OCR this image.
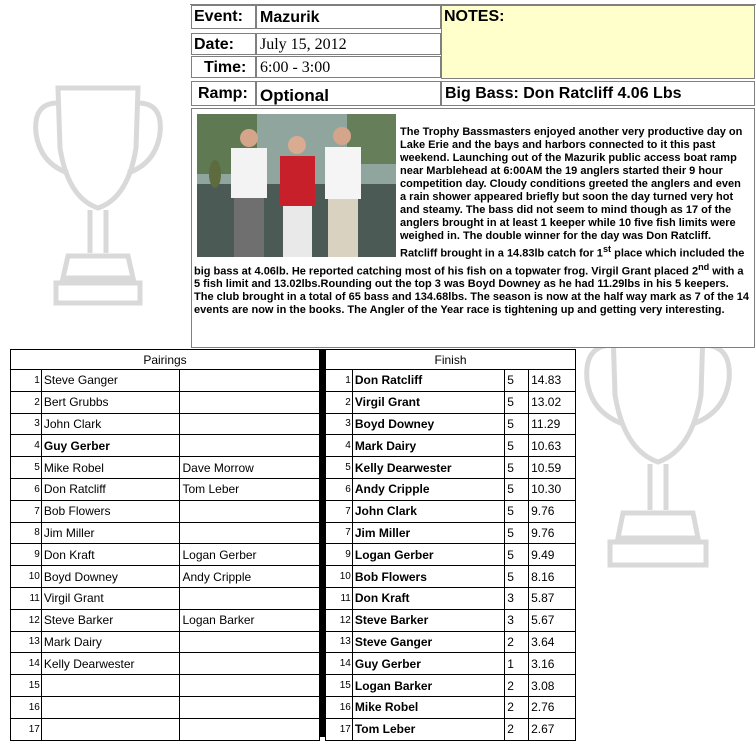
Event: Mazurik	NOTES:
Date: July 15, 2012
Time: 6:00 - 3:00
Ramp: Optional	Big Bass: Don Ratcliff 4.06 Lbs
The Trophy Bassmasters enjoyed another very productive day on Lake Erie and the bays and harbors connected to it this past weekend. Launching out of the Mazurik public access boat ramp near Marblehead at 6:00AM the 19 anglers started their 9 hour competition day. Cloudy conditions greeted the anglers and even a rain shower appeared briefly but soon the day turned very hot and steamy. The bass did not seem to mind though as 17 of the anglers brought in at least 1 keeper while 10 five fish limits were weighed in. The double winner for the day was Don Ratcliff. Ratcliff brought in a 14.83lb catch for 1st place which included the big bass at 4.06lb. He reported catching most of his fish on a topwater frog. Virgil Grant placed 2nd with a 5 fish limit and 13.02lbs.Rounding out the top 3 was Boyd Downey as he had 11.29lbs in his 5 keepers. The club brought in a total of 65 bass and 134.68lbs. The season is now at the half way mark as 7 of the 14 events are now in the books. The Angler of the Year race is tightening up and getting very interesting.
Pairings		
1	Steve Ganger	
2	Bert Grubbs	
3	John Clark	
4	Guy Gerber	
5	Mike Robel	Dave Morrow
6	Don Ratcliff	Tom Leber
7	Bob Flowers	
8	Jim Miller	
9	Don Kraft	Logan Gerber
10	Boyd Downey	Andy Cripple
11	Virgil Grant	
12	Steve Barker	Logan Barker
13	Mark Dairy	
14	Kelly Dearwester	
15		
16		
17		
Finish			
1	Don Ratcliff	5	14.83
2	Virgil Grant	5	13.02
3	Boyd Downey	5	11.29
4	Mark Dairy	5	10.63
5	Kelly Dearwester	5	10.59
6	Andy Cripple	5	10.30
7	John Clark	5	9.76
7	Jim Miller	5	9.76
9	Logan Gerber	5	9.49
10	Bob Flowers	5	8.16
11	Don Kraft	3	5.87
12	Steve Barker	3	5.67
13	Steve Ganger	2	3.64
14	Guy Gerber	1	3.16
15	Logan Barker	2	3.08
16	Mike Robel	2	2.76
17	Tom Leber	2	2.67
